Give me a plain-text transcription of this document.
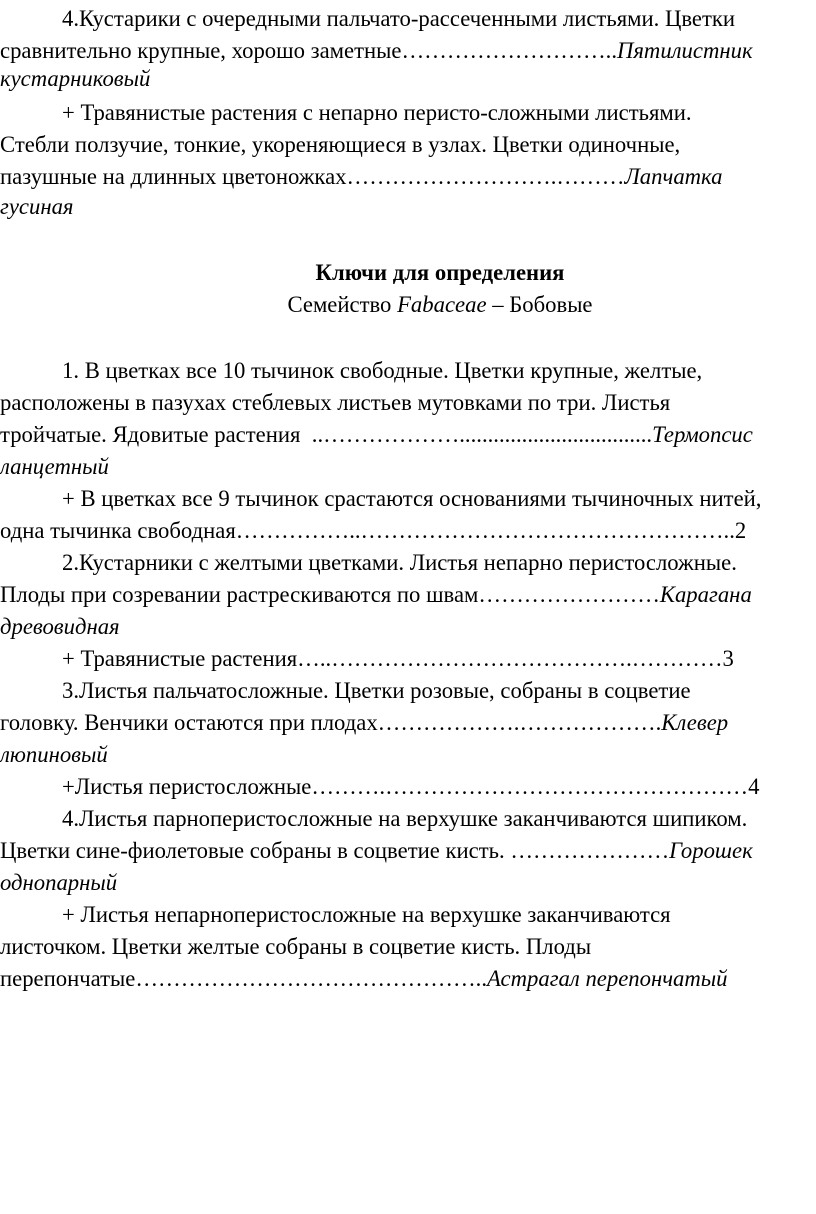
4.Кустарики с очередными пальчато-рассеченными листьями. Цветки
сравнительно крупные, хорошо заметные………………………..Пятилистник
кустарниковый
+ Травянистые растения с непарно перисто-сложными листьями.
Стебли ползучие, тонкие, укореняющиеся в узлах. Цветки одиночные,
пазушные на длинных цветоножках……………………….………Лапчатка
гусиная
Ключи для определения
Семейство Fabaceae – Бобовые
1. В цветках все 10 тычинок свободные. Цветки крупные, желтые,
расположены в пазухах стеблевых листьев мутовками по три. Листья
тройчатые. Ядовитые растения  ..………………..................................Термопсис
ланцетный
+ В цветках все 9 тычинок срастаются основаниями тычиночных нитей,
одна тычинка свободная……………..…………………………………………..2
2.Кустарники с желтыми цветками. Листья непарно перистосложные.
Плоды при созревании растрескиваются по швам……………………Карагана
древовидная
+ Травянистые растения…..………………………………….…………3
3.Листья пальчатосложные. Цветки розовые, собраны в соцветие
головку. Венчики остаются при плодах……………….……………….Клевер
люпиновый
+Листья перистосложные……….…………………………………………4
4.Листья парноперистосложные на верхушке заканчиваются шипиком.
Цветки сине-фиолетовые собраны в соцветие кисть. …………………Горошек
однопарный
+ Листья непарноперистосложные на верхушке заканчиваются
листочком. Цветки желтые собраны в соцветие кисть. Плоды
перепончатые………………………………………..Астрагал перепончатый
